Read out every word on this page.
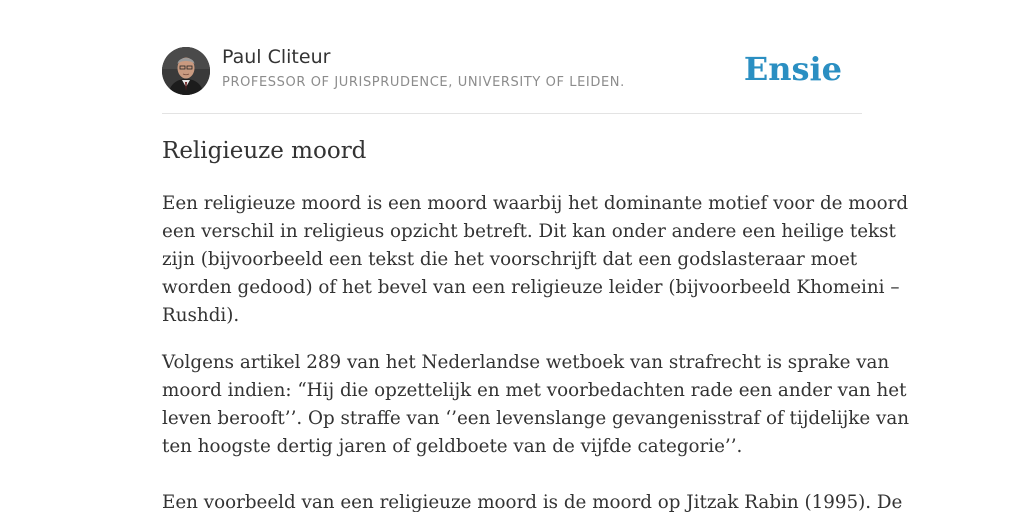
Paul Cliteur
PROFESSOR OF JURISPRUDENCE, UNIVERSITY OF LEIDEN.	Ensie
Religieuze moord

Een religieuze moord is een moord waarbij het dominante motief voor de moord
een verschil in religieus opzicht betreft. Dit kan onder andere een heilige tekst
zijn (bijvoorbeeld een tekst die het voorschrijft dat een godslasteraar moet
worden gedood) of het bevel van een religieuze leider (bijvoorbeeld Khomeini –
Rushdi).

Volgens artikel 289 van het Nederlandse wetboek van strafrecht is sprake van
moord indien: “Hij die opzettelijk en met voorbedachten rade een ander van het
leven berooft’’. Op straffe van ‘’een levenslange gevangenisstraf of tijdelijke van
ten hoogste dertig jaren of geldboete van de vijfde categorie’’.

Een voorbeeld van een religieuze moord is de moord op Jitzak Rabin (1995). De
